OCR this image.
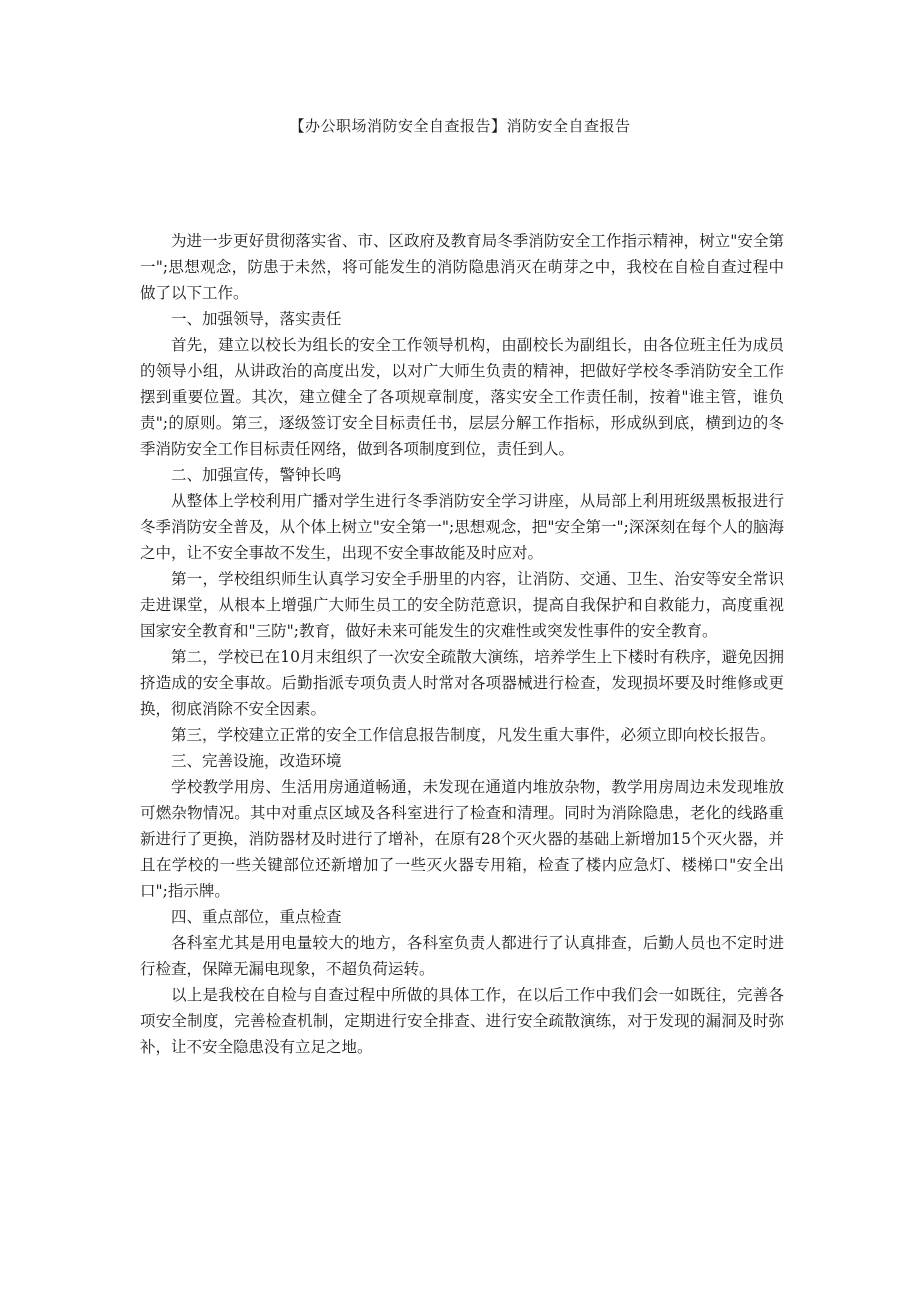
【办公职场消防安全自查报告】消防安全自查报告

为进一步更好贯彻落实省、市、区政府及教育局冬季消防安全工作指示精神，树立"安全第一";思想观念，防患于未然，将可能发生的消防隐患消灭在萌芽之中，我校在自检自查过程中做了以下工作。

一、加强领导，落实责任

首先，建立以校长为组长的安全工作领导机构，由副校长为副组长，由各位班主任为成员的领导小组，从讲政治的高度出发，以对广大师生负责的精神，把做好学校冬季消防安全工作摆到重要位置。其次，建立健全了各项规章制度，落实安全工作责任制，按着"谁主管，谁负责";的原则。第三，逐级签订安全目标责任书，层层分解工作指标，形成纵到底，横到边的冬季消防安全工作目标责任网络，做到各项制度到位，责任到人。

二、加强宣传，警钟长鸣

从整体上学校利用广播对学生进行冬季消防安全学习讲座，从局部上利用班级黑板报进行冬季消防安全普及，从个体上树立"安全第一";思想观念，把"安全第一";深深刻在每个人的脑海之中，让不安全事故不发生，出现不安全事故能及时应对。

第一，学校组织师生认真学习安全手册里的内容，让消防、交通、卫生、治安等安全常识走进课堂，从根本上增强广大师生员工的安全防范意识，提高自我保护和自救能力，高度重视国家安全教育和"三防";教育，做好未来可能发生的灾难性或突发性事件的安全教育。

第二，学校已在10月末组织了一次安全疏散大演练，培养学生上下楼时有秩序，避免因拥挤造成的安全事故。后勤指派专项负责人时常对各项器械进行检查，发现损坏要及时维修或更换，彻底消除不安全因素。

第三，学校建立正常的安全工作信息报告制度，凡发生重大事件，必须立即向校长报告。

三、完善设施，改造环境

学校教学用房、生活用房通道畅通，未发现在通道内堆放杂物，教学用房周边未发现堆放可燃杂物情况。其中对重点区域及各科室进行了检查和清理。同时为消除隐患，老化的线路重新进行了更换，消防器材及时进行了增补，在原有28个灭火器的基础上新增加15个灭火器，并且在学校的一些关键部位还新增加了一些灭火器专用箱，检查了楼内应急灯、楼梯口"安全出口";指示牌。

四、重点部位，重点检查

各科室尤其是用电量较大的地方，各科室负责人都进行了认真排查，后勤人员也不定时进行检查，保障无漏电现象，不超负荷运转。

以上是我校在自检与自查过程中所做的具体工作，在以后工作中我们会一如既往，完善各项安全制度，完善检查机制，定期进行安全排查、进行安全疏散演练，对于发现的漏洞及时弥补，让不安全隐患没有立足之地。
